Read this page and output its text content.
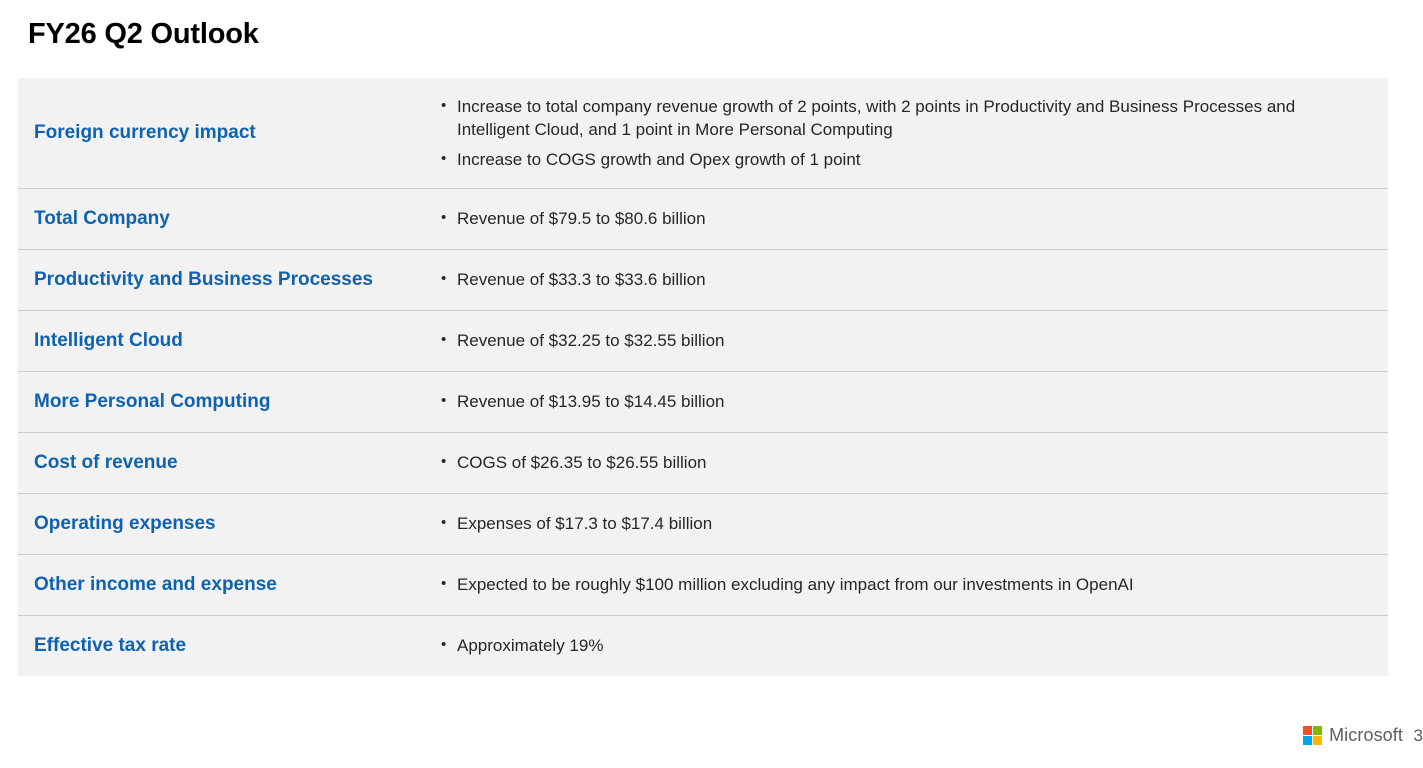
FY26 Q2 Outlook
Foreign currency impact
• Increase to total company revenue growth of 2 points, with 2 points in Productivity and Business Processes and Intelligent Cloud, and 1 point in More Personal Computing
• Increase to COGS growth and Opex growth of 1 point
Total Company	• Revenue of $79.5 to $80.6 billion
Productivity and Business Processes	• Revenue of $33.3 to $33.6 billion
Intelligent Cloud	• Revenue of $32.25 to $32.55 billion
More Personal Computing	• Revenue of $13.95 to $14.45 billion
Cost of revenue	• COGS of $26.35 to $26.55 billion
Operating expenses	• Expenses of $17.3 to $17.4 billion
Other income and expense	• Expected to be roughly $100 million excluding any impact from our investments in OpenAI
Effective tax rate	• Approximately 19%
Microsoft 3
